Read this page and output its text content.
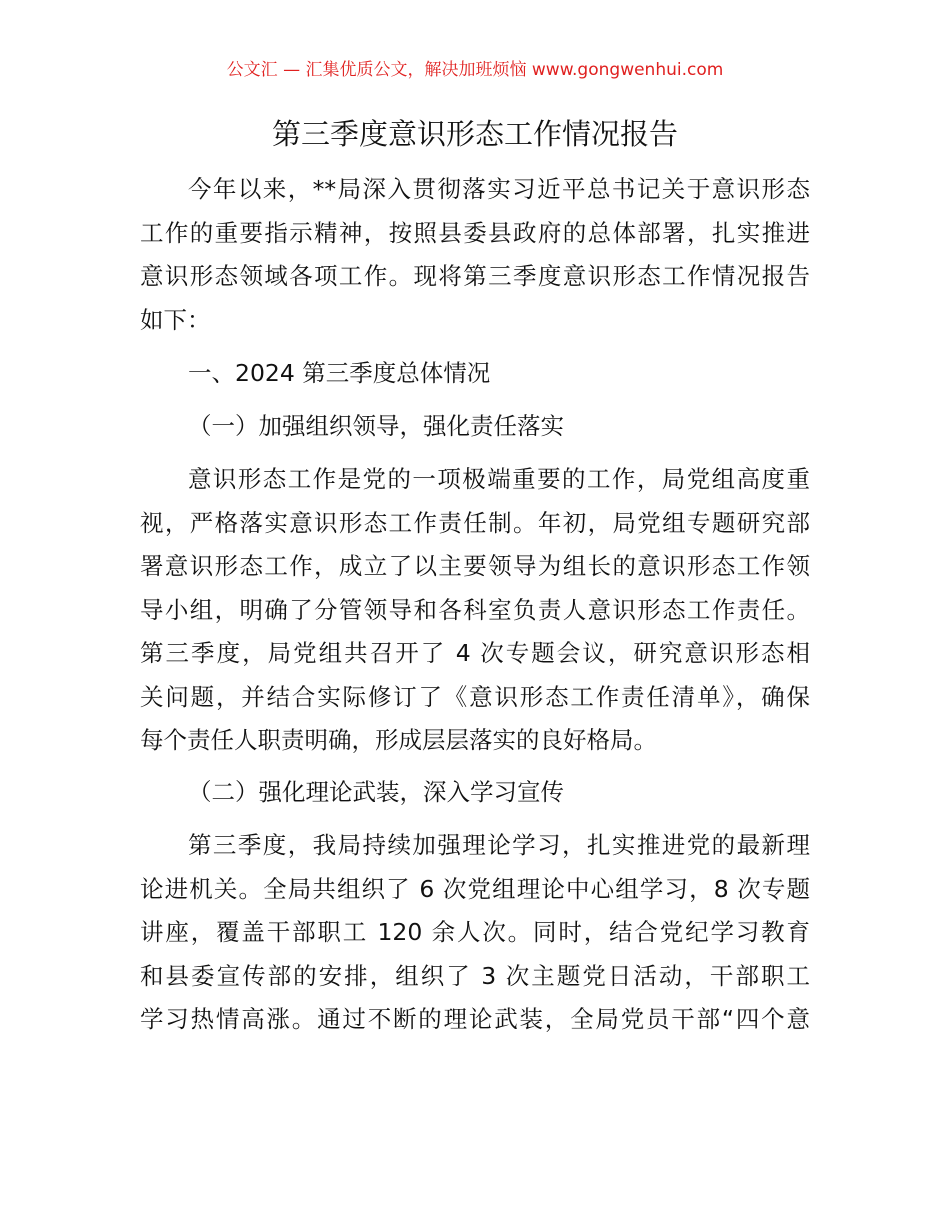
公文汇 — 汇集优质公文，解决加班烦恼 www.gongwenhui.com
第三季度意识形态工作情况报告
今年以来，**局深入贯彻落实习近平总书记关于意识形态
工作的重要指示精神，按照县委县政府的总体部署，扎实推进
意识形态领域各项工作。现将第三季度意识形态工作情况报告
如下：
一、2024 第三季度总体情况
（一）加强组织领导，强化责任落实
意识形态工作是党的一项极端重要的工作，局党组高度重
视，严格落实意识形态工作责任制。年初，局党组专题研究部
署意识形态工作，成立了以主要领导为组长的意识形态工作领
导小组，明确了分管领导和各科室负责人意识形态工作责任。
第三季度，局党组共召开了 4 次专题会议，研究意识形态相
关问题，并结合实际修订了《意识形态工作责任清单》，确保
每个责任人职责明确，形成层层落实的良好格局。
（二）强化理论武装，深入学习宣传
第三季度，我局持续加强理论学习，扎实推进党的最新理
论进机关。全局共组织了 6 次党组理论中心组学习，8 次专题
讲座，覆盖干部职工 120 余人次。同时，结合党纪学习教育
和县委宣传部的安排，组织了 3 次主题党日活动，干部职工
学习热情高涨。通过不断的理论武装，全局党员干部“四个意
